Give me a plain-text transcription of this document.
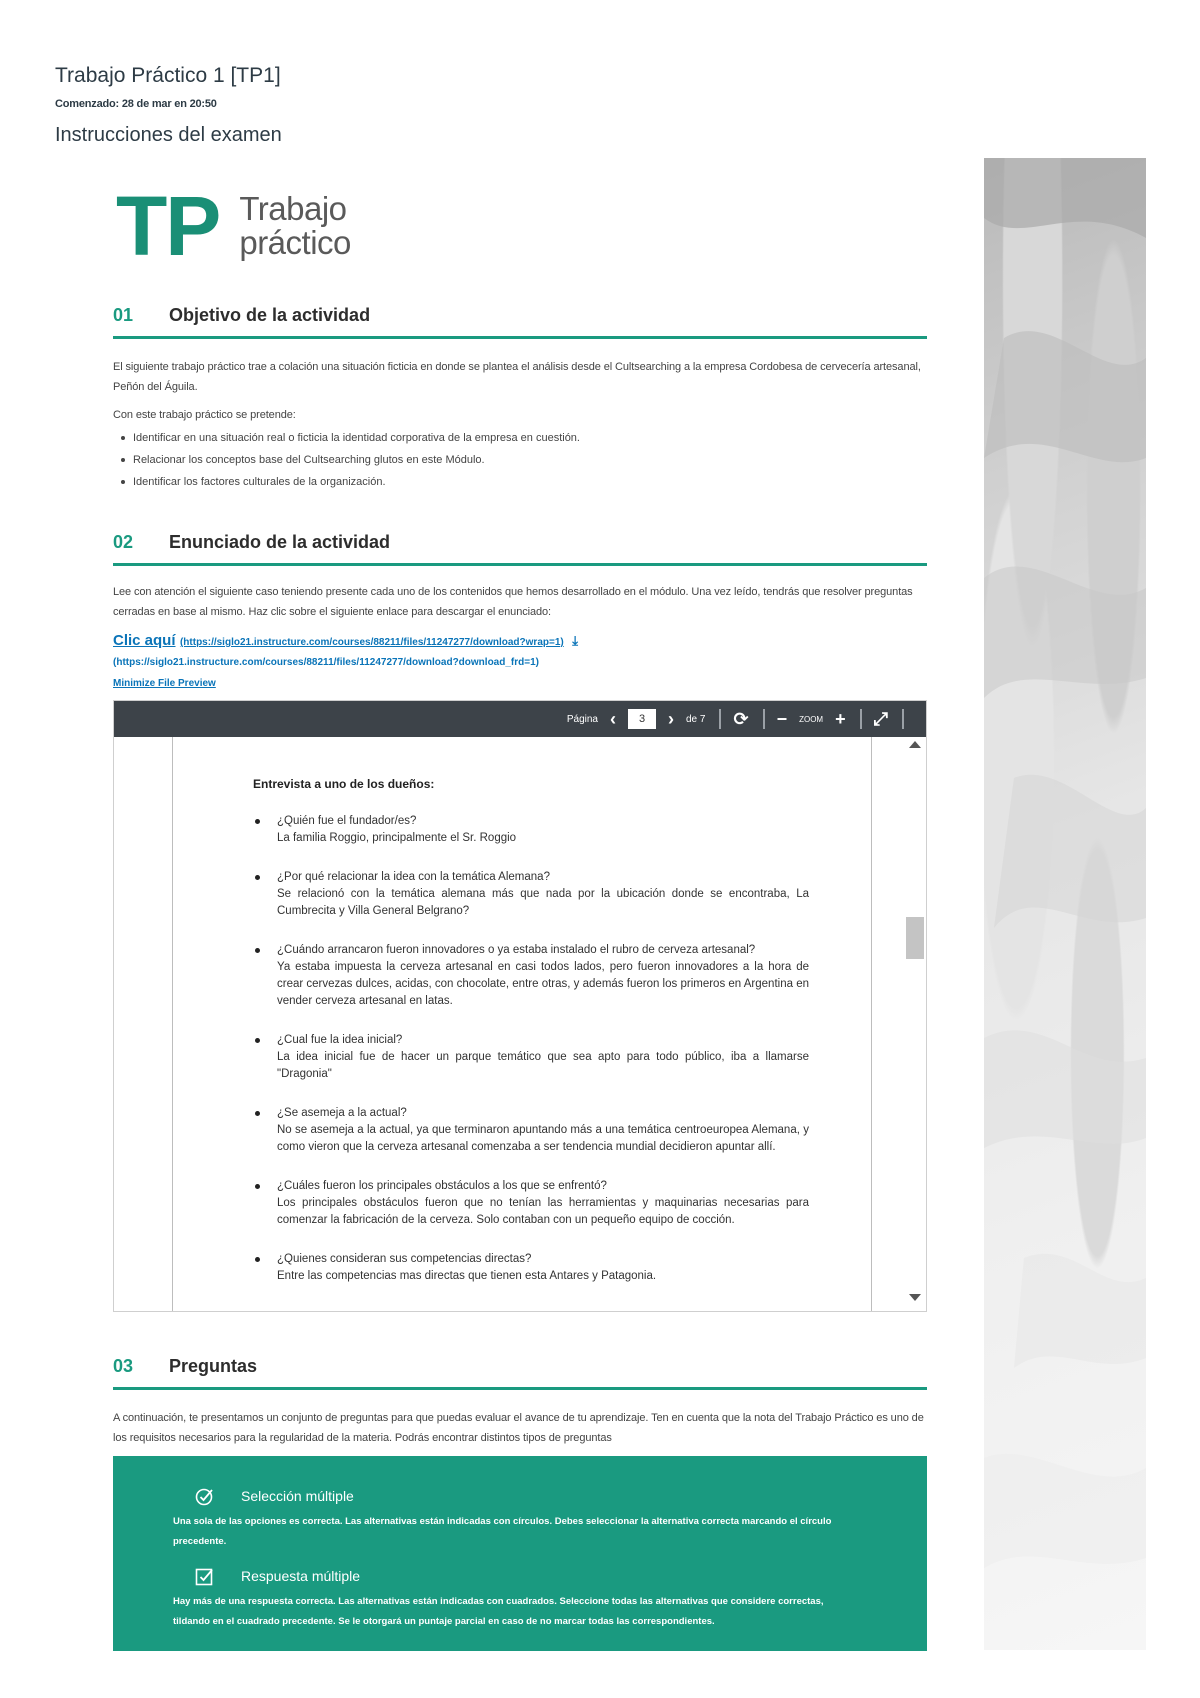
Trabajo Práctico 1 [TP1]
Comenzado: 28 de mar en 20:50
Instrucciones del examen
TP Trabajo
práctico
01	Objetivo de la actividad
El siguiente trabajo práctico trae a colación una situación ficticia en donde se plantea el análisis desde el Cultsearching a la empresa Cordobesa de cervecería artesanal, Peñón del Águila.
Con este trabajo práctico se pretende:
Identificar en una situación real o ficticia la identidad corporativa de la empresa en cuestión.
Relacionar los conceptos base del Cultsearching glutos en este Módulo.
Identificar los factores culturales de la organización.
02	Enunciado de la actividad
Lee con atención el siguiente caso teniendo presente cada uno de los contenidos que hemos desarrollado en el módulo. Una vez leído, tendrás que resolver preguntas cerradas en base al mismo. Haz clic sobre el siguiente enlace para descargar el enunciado:
Clic aquí (https://siglo21.instructure.com/courses/88211/files/11247277/download?wrap=1) ⤓
(https://siglo21.instructure.com/courses/88211/files/11247277/download?download_frd=1)
Minimize File Preview
Página ‹	3	› de 7 ⟳ − ZOOM + ⤢
Entrevista a uno de los dueños:
¿Quién fue el fundador/es?
La familia Roggio, principalmente el Sr. Roggio
¿Por qué relacionar la idea con la temática Alemana?
Se relacionó con la temática alemana más que nada por la ubicación donde se encontraba, La Cumbrecita y Villa General Belgrano?
¿Cuándo arrancaron fueron innovadores o ya estaba instalado el rubro de cerveza artesanal?
Ya estaba impuesta la cerveza artesanal en casi todos lados, pero fueron innovadores a la hora de crear cervezas dulces, acidas, con chocolate, entre otras, y además fueron los primeros en Argentina en vender cerveza artesanal en latas.
¿Cual fue la idea inicial?
La idea inicial fue de hacer un parque temático que sea apto para todo público, iba a llamarse "Dragonia"
¿Se asemeja a la actual?
No se asemeja a la actual, ya que terminaron apuntando más a una temática centroeuropea Alemana, y como vieron que la cerveza artesanal comenzaba a ser tendencia mundial decidieron apuntar allí.
¿Cuáles fueron los principales obstáculos a los que se enfrentó?
Los principales obstáculos fueron que no tenían las herramientas y maquinarias necesarias para comenzar la fabricación de la cerveza. Solo contaban con un pequeño equipo de cocción.
¿Quienes consideran sus competencias directas?
Entre las competencias mas directas que tienen esta Antares y Patagonia.
03	Preguntas
A continuación, te presentamos un conjunto de preguntas para que puedas evaluar el avance de tu aprendizaje. Ten en cuenta que la nota del Trabajo Práctico es uno de los requisitos necesarios para la regularidad de la materia. Podrás encontrar distintos tipos de preguntas
Selección múltiple
Una sola de las opciones es correcta. Las alternativas están indicadas con círculos. Debes seleccionar la alternativa correcta marcando el círculo precedente.
Respuesta múltiple
Hay más de una respuesta correcta. Las alternativas están indicadas con cuadrados. Seleccione todas las alternativas que considere correctas, tildando en el cuadrado precedente. Se le otorgará un puntaje parcial en caso de no marcar todas las correspondientes.
